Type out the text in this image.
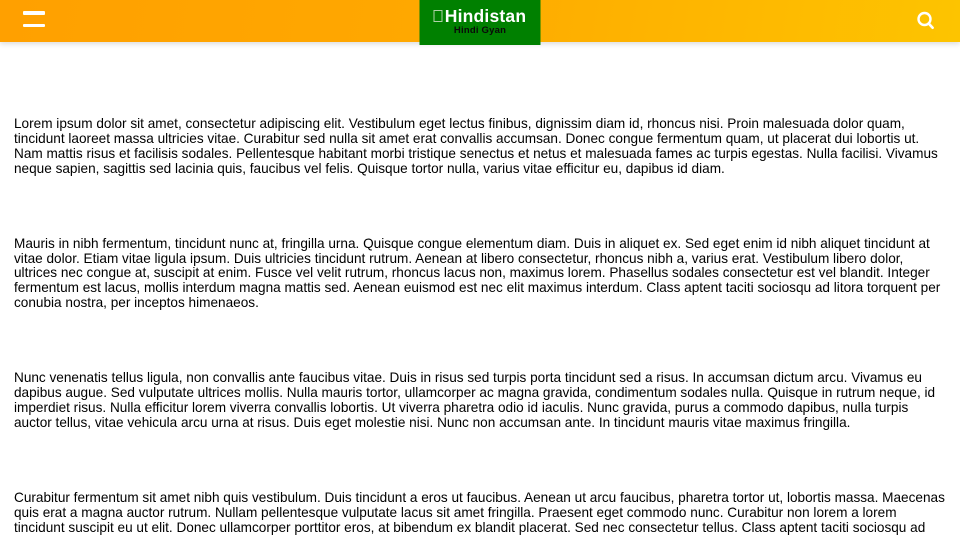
Hindistan
Hindi Gyan

Lorem ipsum dolor sit amet, consectetur adipiscing elit. Vestibulum eget lectus finibus, dignissim diam id, rhoncus nisi. Proin malesuada dolor quam, tincidunt laoreet massa ultricies vitae. Curabitur sed nulla sit amet erat convallis accumsan. Donec congue fermentum quam, ut placerat dui lobortis ut. Nam mattis risus et facilisis sodales. Pellentesque habitant morbi tristique senectus et netus et malesuada fames ac turpis egestas. Nulla facilisi. Vivamus neque sapien, sagittis sed lacinia quis, faucibus vel felis. Quisque tortor nulla, varius vitae efficitur eu, dapibus id diam.

Mauris in nibh fermentum, tincidunt nunc at, fringilla urna. Quisque congue elementum diam. Duis in aliquet ex. Sed eget enim id nibh aliquet tincidunt at vitae dolor. Etiam vitae ligula ipsum. Duis ultricies tincidunt rutrum. Aenean at libero consectetur, rhoncus nibh a, varius erat. Vestibulum libero dolor, ultrices nec congue at, suscipit at enim. Fusce vel velit rutrum, rhoncus lacus non, maximus lorem. Phasellus sodales consectetur est vel blandit. Integer fermentum est lacus, mollis interdum magna mattis sed. Aenean euismod est nec elit maximus interdum. Class aptent taciti sociosqu ad litora torquent per conubia nostra, per inceptos himenaeos.

Nunc venenatis tellus ligula, non convallis ante faucibus vitae. Duis in risus sed turpis porta tincidunt sed a risus. In accumsan dictum arcu. Vivamus eu dapibus augue. Sed vulputate ultrices mollis. Nulla mauris tortor, ullamcorper ac magna gravida, condimentum sodales nulla. Quisque in rutrum neque, id imperdiet risus. Nulla efficitur lorem viverra convallis lobortis. Ut viverra pharetra odio id iaculis. Nunc gravida, purus a commodo dapibus, nulla turpis auctor tellus, vitae vehicula arcu urna at risus. Duis eget molestie nisi. Nunc non accumsan ante. In tincidunt mauris vitae maximus fringilla.

Curabitur fermentum sit amet nibh quis vestibulum. Duis tincidunt a eros ut faucibus. Aenean ut arcu faucibus, pharetra tortor ut, lobortis massa. Maecenas quis erat a magna auctor rutrum. Nullam pellentesque vulputate lacus sit amet fringilla. Praesent eget commodo nunc. Curabitur non lorem a lorem tincidunt suscipit eu ut elit. Donec ullamcorper porttitor eros, at bibendum ex blandit placerat. Sed nec consectetur tellus. Class aptent taciti sociosqu ad
